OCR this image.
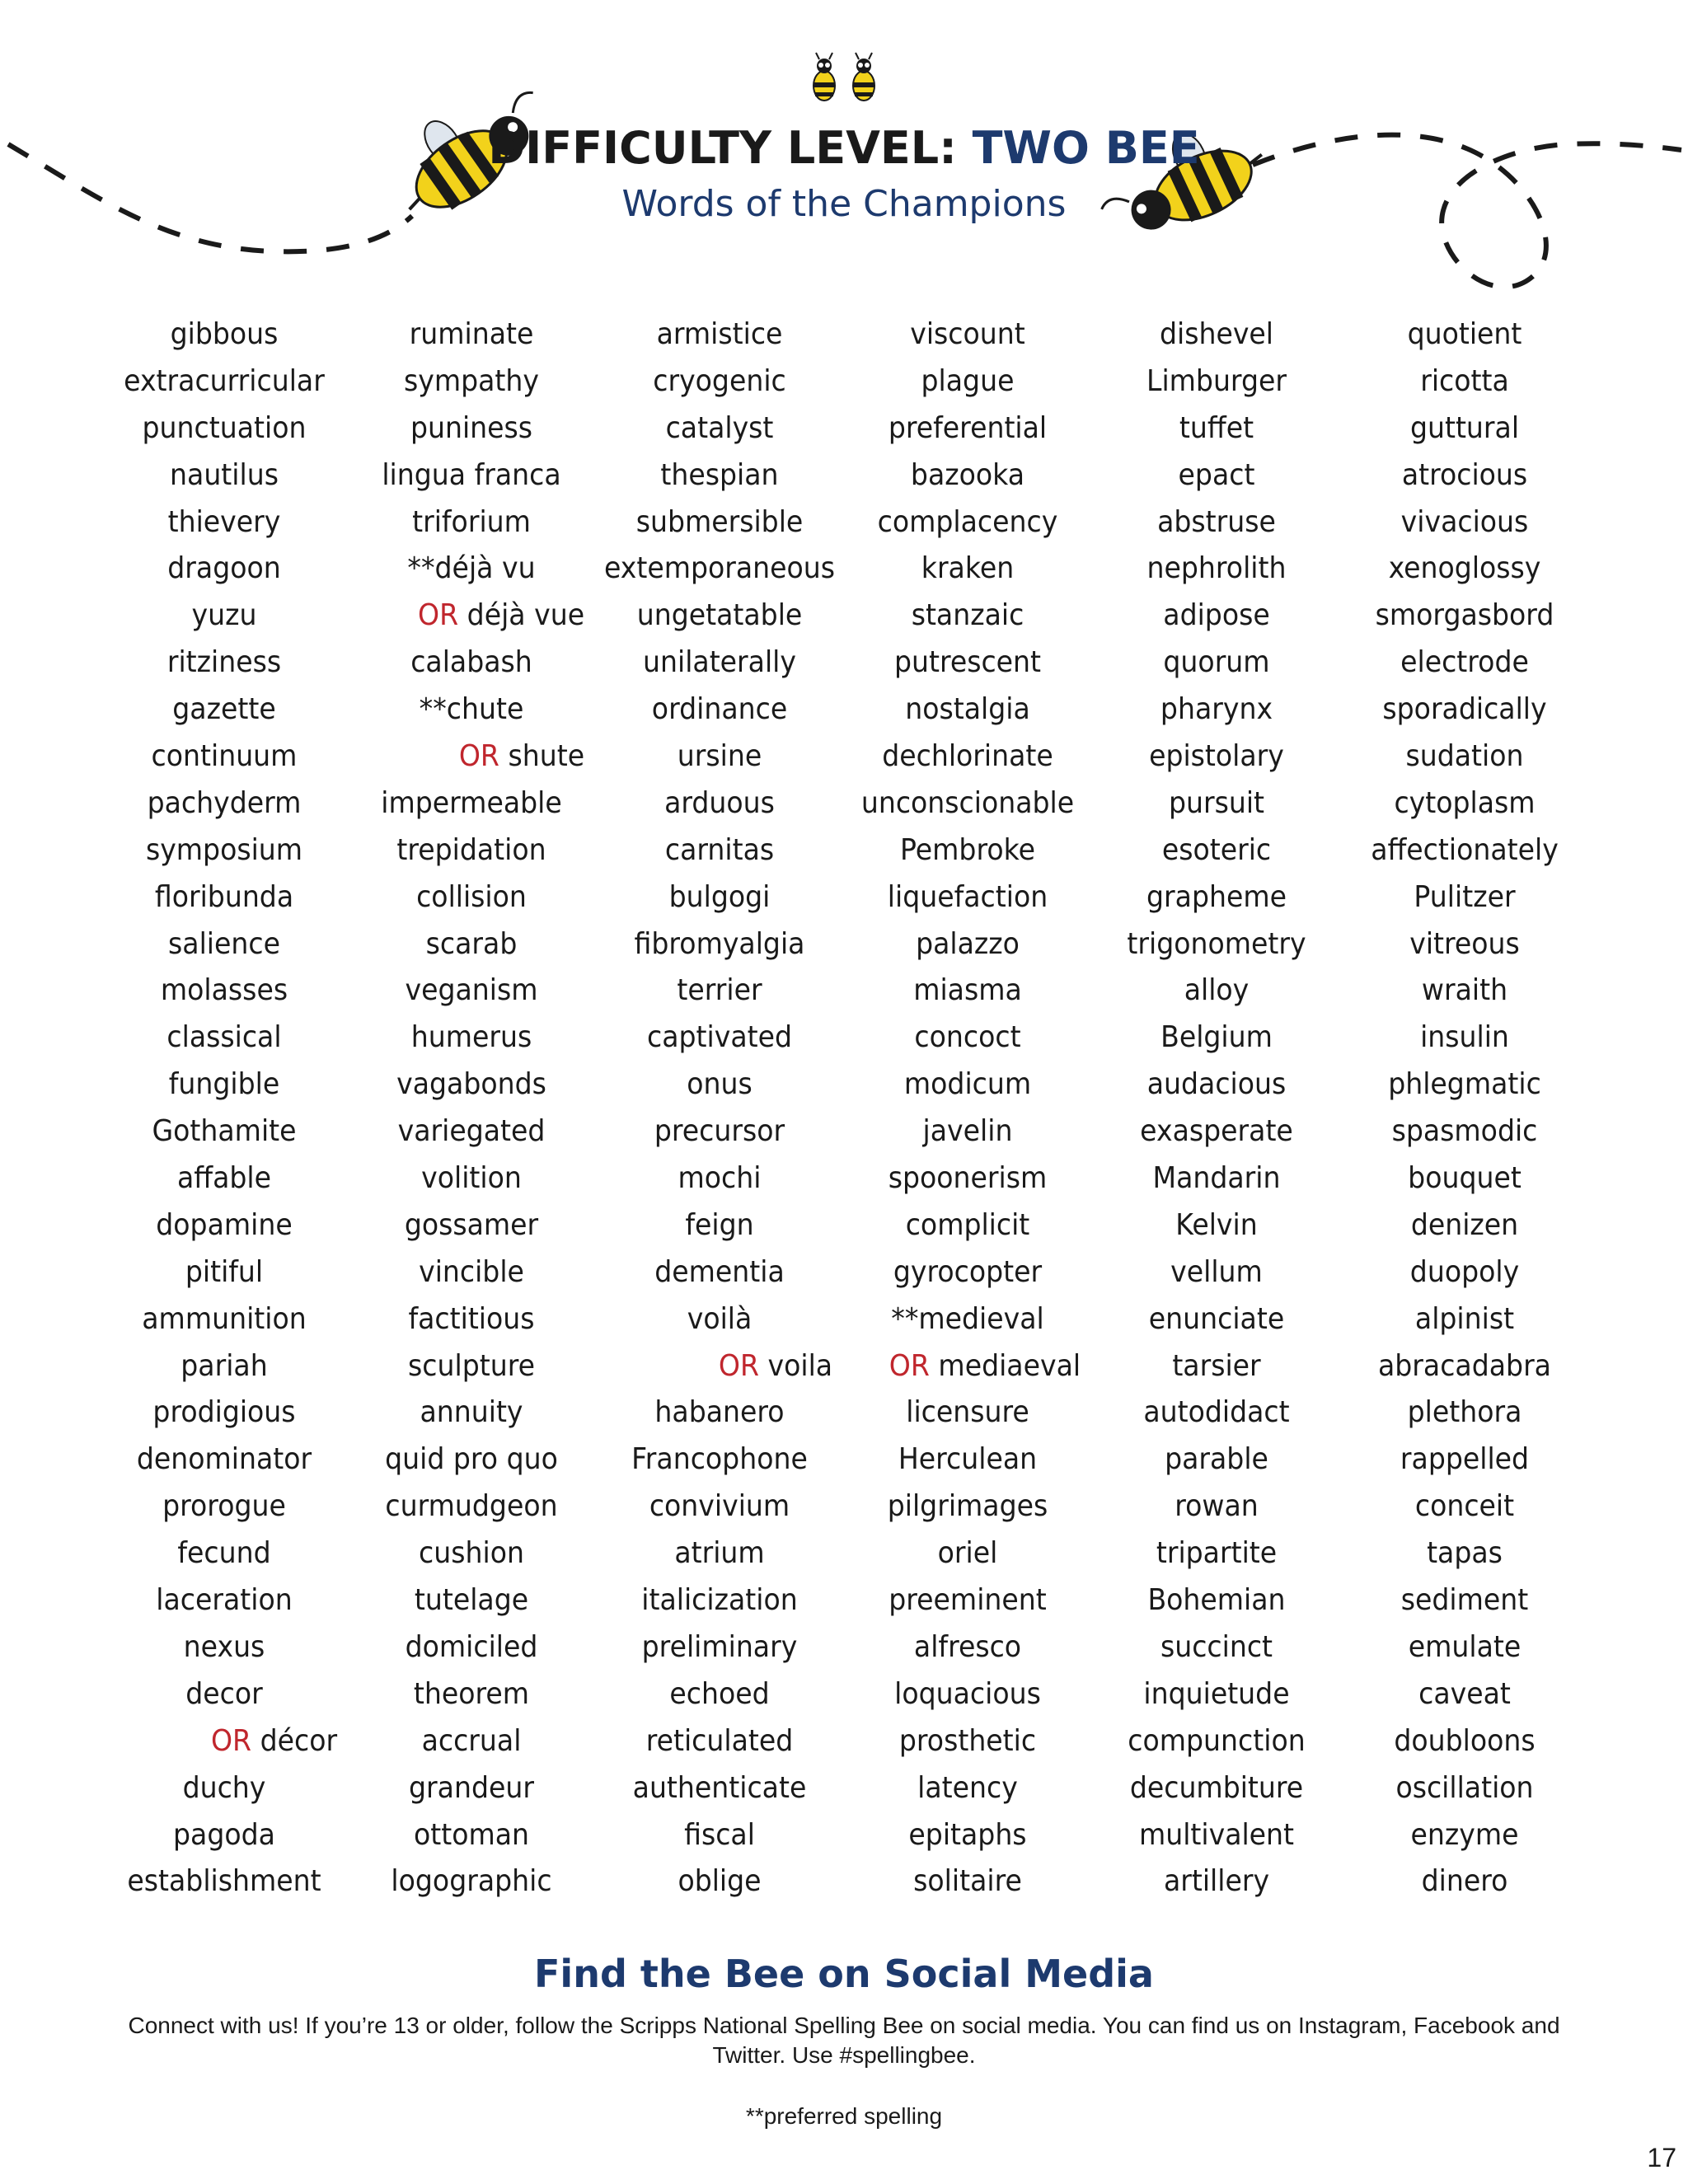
DIFFICULTY LEVEL: TWO BEE
Words of the Champions
gibbous
extracurricular
punctuation
nautilus
thievery
dragoon
yuzu
ritziness
gazette
continuum
pachyderm
symposium
floribunda
salience
molasses
classical
fungible
Gothamite
affable
dopamine
pitiful
ammunition
pariah
prodigious
denominator
prorogue
fecund
laceration
nexus
decor
OR décor
duchy
pagoda
establishment
ruminate
sympathy
puniness
lingua franca
triforium
**déjà vu
OR déjà vue
calabash
**chute
OR shute
impermeable
trepidation
collision
scarab
veganism
humerus
vagabonds
variegated
volition
gossamer
vincible
factitious
sculpture
annuity
quid pro quo
curmudgeon
cushion
tutelage
domiciled
theorem
accrual
grandeur
ottoman
logographic
armistice
cryogenic
catalyst
thespian
submersible
extemporaneous
ungetatable
unilaterally
ordinance
ursine
arduous
carnitas
bulgogi
fibromyalgia
terrier
captivated
onus
precursor
mochi
feign
dementia
voilà
OR voila
habanero
Francophone
convivium
atrium
italicization
preliminary
echoed
reticulated
authenticate
fiscal
oblige
viscount
plague
preferential
bazooka
complacency
kraken
stanzaic
putrescent
nostalgia
dechlorinate
unconscionable
Pembroke
liquefaction
palazzo
miasma
concoct
modicum
javelin
spoonerism
complicit
gyrocopter
**medieval
OR mediaeval
licensure
Herculean
pilgrimages
oriel
preeminent
alfresco
loquacious
prosthetic
latency
epitaphs
solitaire
dishevel
Limburger
tuffet
epact
abstruse
nephrolith
adipose
quorum
pharynx
epistolary
pursuit
esoteric
grapheme
trigonometry
alloy
Belgium
audacious
exasperate
Mandarin
Kelvin
vellum
enunciate
tarsier
autodidact
parable
rowan
tripartite
Bohemian
succinct
inquietude
compunction
decumbiture
multivalent
artillery
quotient
ricotta
guttural
atrocious
vivacious
xenoglossy
smorgasbord
electrode
sporadically
sudation
cytoplasm
affectionately
Pulitzer
vitreous
wraith
insulin
phlegmatic
spasmodic
bouquet
denizen
duopoly
alpinist
abracadabra
plethora
rappelled
conceit
tapas
sediment
emulate
caveat
doubloons
oscillation
enzyme
dinero
Find the Bee on Social Media
Connect with us! If you’re 13 or older, follow the Scripps National Spelling Bee on social media. You can find us on Instagram, Facebook and Twitter. Use #spellingbee.
**preferred spelling
17
